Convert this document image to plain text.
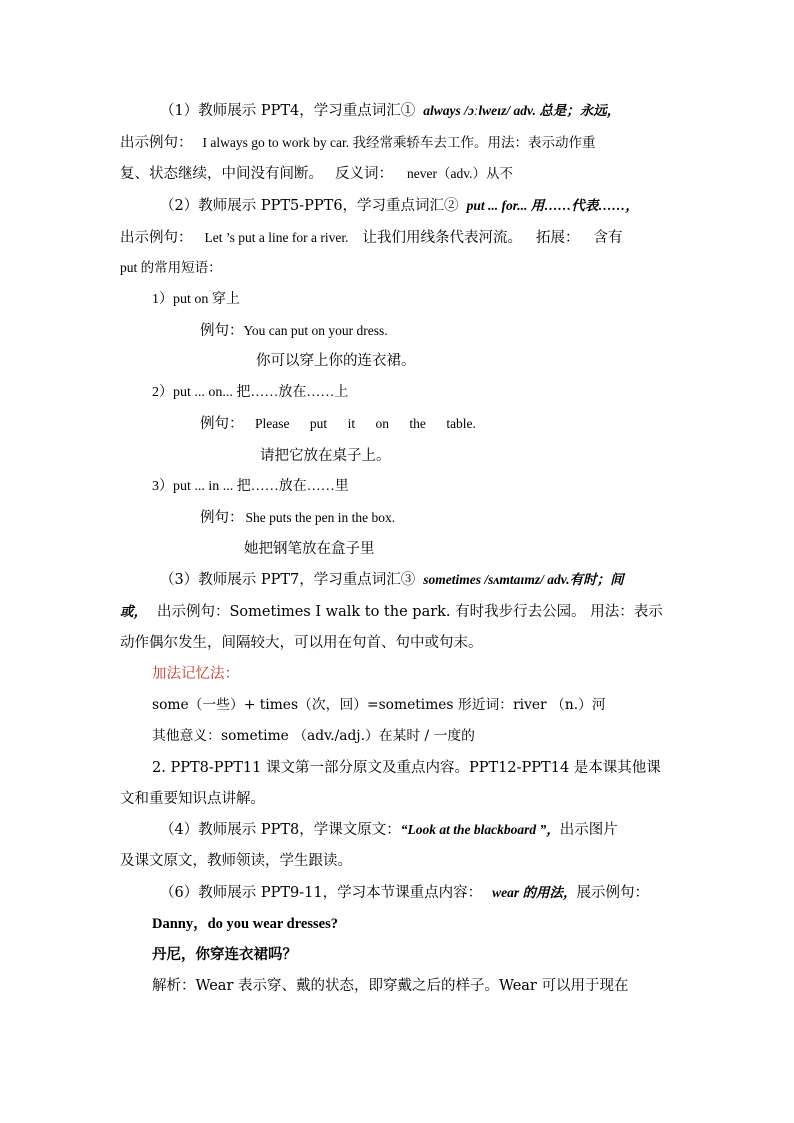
（1）教师展示 PPT4，学习重点词汇① always /ɔːlweɪz/ adv. 总是；永远，
出示例句： I always go to work by car. 我经常乘轿车去工作。用法：表示动作重
复、状态继续，中间没有间断。 反义词： never（adv.）从不
（2）教师展示 PPT5-PPT6，学习重点词汇② put ... for... 用……代表……，
出示例句： Let ’s put a line for a river. 让我们用线条代表河流。 拓展： 含有
put 的常用短语：
1）put on 穿上
例句：You can put on your dress.
你可以穿上你的连衣裙。
2）put ... on... 把……放在……上
例句： Please put it on the table.
请把它放在桌子上。
3）put ... in ... 把……放在……里
例句： She puts the pen in the box.
她把钢笔放在盒子里
（3）教师展示 PPT7，学习重点词汇③ sometimes /sʌmtaɪmz/ adv.有时；间
或， 出示例句：Sometimes I walk to the park. 有时我步行去公园。 用法：表示
动作偶尔发生，间隔较大，可以用在句首、句中或句末。
加法记忆法：
some（一些）+ times（次，回）=sometimes 形近词：river （n.）河
其他意义：sometime （adv./adj.）在某时 / 一度的
2. PPT8-PPT11 课文第一部分原文及重点内容。PPT12-PPT14 是本课其他课
文和重要知识点讲解。
（4）教师展示 PPT8，学课文原文：“Look at the blackboard ”，出示图片
及课文原文，教师领读，学生跟读。
（6）教师展示 PPT9-11，学习本节课重点内容： wear 的用法，展示例句：
Danny，do you wear dresses?
丹尼，你穿连衣裙吗？
解析：Wear 表示穿、戴的状态，即穿戴之后的样子。Wear 可以用于现在
